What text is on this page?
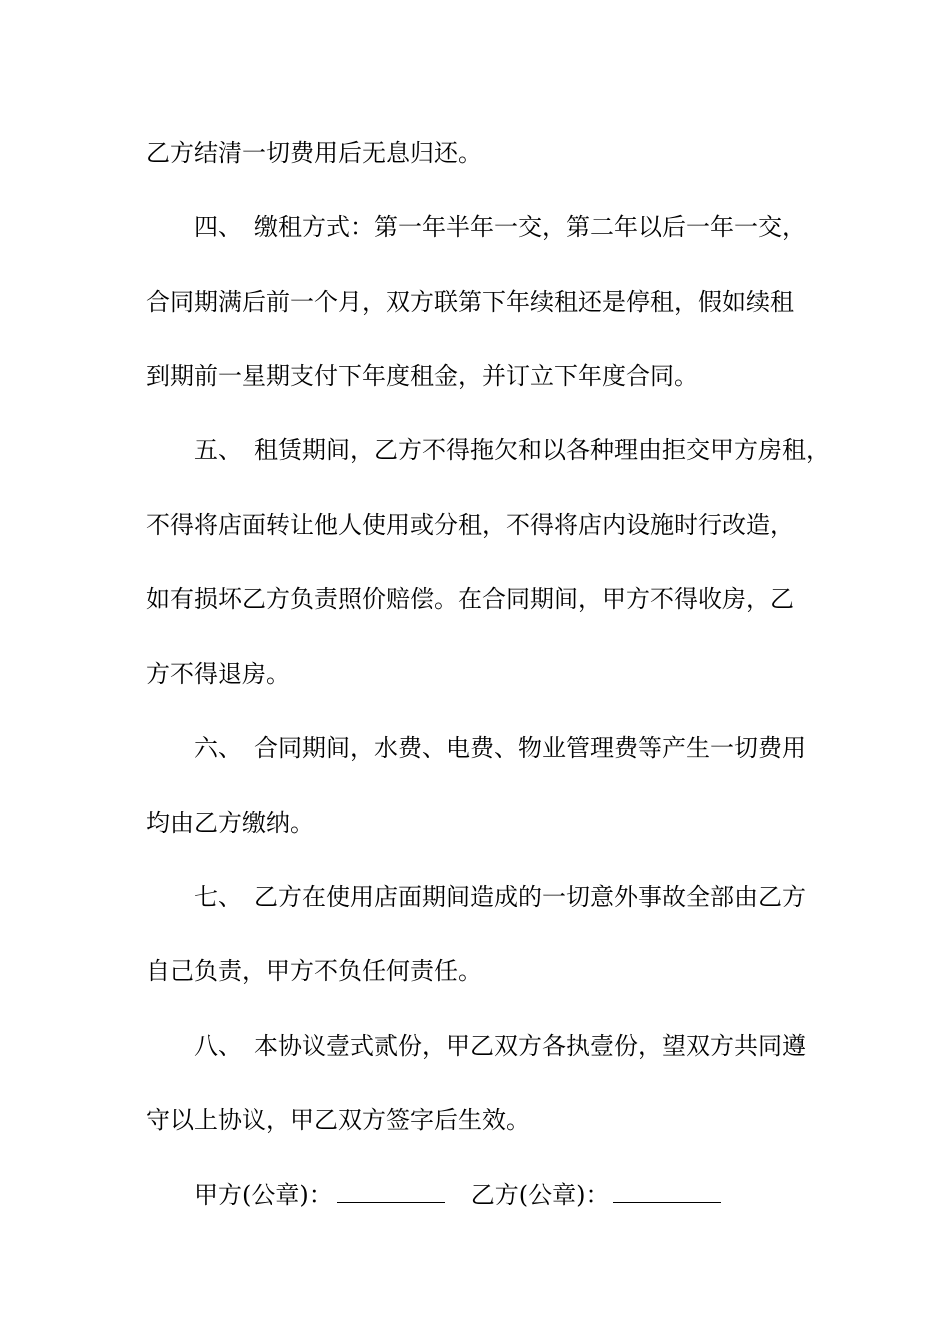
乙方结清一切费用后无息归还。
四、 缴租方式：第一年半年一交，第二年以后一年一交，
合同期满后前一个月，双方联第下年续租还是停租，假如续租
到期前一星期支付下年度租金，并订立下年度合同。
五、 租赁期间，乙方不得拖欠和以各种理由拒交甲方房租，
不得将店面转让他人使用或分租，不得将店内设施时行改造，
如有损坏乙方负责照价赔偿。在合同期间，甲方不得收房，乙
方不得退房。
六、 合同期间，水费、电费、物业管理费等产生一切费用
均由乙方缴纳。
七、 乙方在使用店面期间造成的一切意外事故全部由乙方
自己负责，甲方不负任何责任。
八、 本协议壹式贰份，甲乙双方各执壹份，望双方共同遵
守以上协议，甲乙双方签字后生效。
甲方(公章)：	乙方(公章)：
